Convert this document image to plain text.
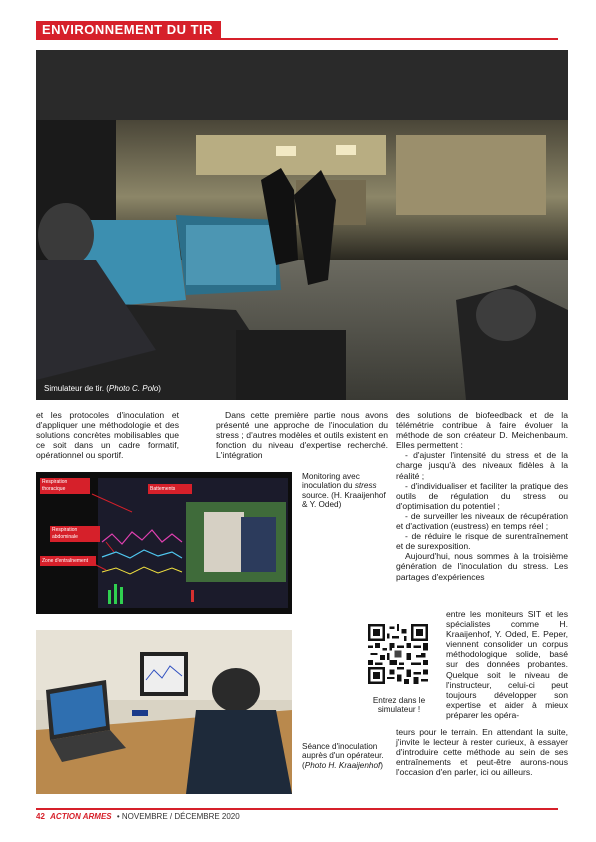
ENVIRONNEMENT DU TIR
Simulateur de tir. (Photo C. Polo)

et les protocoles d'inoculation et d'appliquer une méthodologie et des solutions concrètes mobilisables que ce soit dans un cadre formatif, opérationnel ou sportif.

Dans cette première partie nous avons présenté une approche de l'inoculation du stress ; d'autres modèles et outils existent en fonction du niveau d'expertise recherché. L'intégration

des solutions de biofeedback et de la télémétrie contribue à faire évoluer la méthode de son créateur D. Meichenbaum. Elles permettent :

- d'ajuster l'intensité du stress et de la charge jusqu'à des niveaux fidèles à la réalité ;

- d'individualiser et faciliter la pratique des outils de régulation du stress ou d'optimisation du potentiel ;

- de surveiller les niveaux de récupération et d'activation (eustress) en temps réel ;

- de réduire le risque de surentraînement et de surexposition.

Aujourd'hui, nous sommes à la troisième génération de l'inoculation du stress. Les partages d'expériences

entre les moniteurs SIT et les spécialistes comme H. Kraaijenhof, Y. Oded, E. Peper, viennent consolider un corpus méthodologique solide, basé sur des données probantes. Quelque soit le niveau de l'instructeur, celui-ci peut toujours développer son expertise et aider à mieux préparer les opéra-

teurs pour le terrain. En attendant la suite, j'invite le lecteur à rester curieux, à essayer d'introduire cette méthode au sein de ses entraînements et peut-être aurons-nous l'occasion d'en parler, ici ou ailleurs.

Respiration thoracique	Battements
Respiration abdominale
Zone d'entraînement
Monitoring avec inoculation du stress source. (H. Kraaijenhof & Y. Oded)
Séance d'inoculation auprès d'un opérateur. (Photo H. Kraaijenhof)
Entrez dans le simulateur !
42 ACTION ARMES • NOVEMBRE / DÉCEMBRE 2020
